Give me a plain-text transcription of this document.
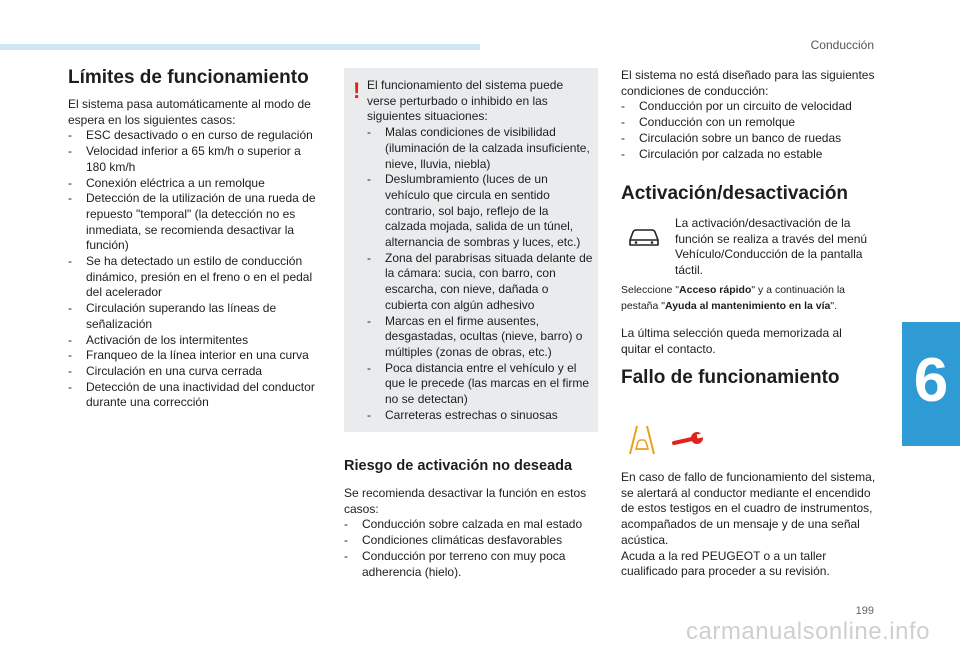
Conducción
6
199
carmanualsonline.info
Límites de funcionamiento

El sistema pasa automáticamente al modo de espera en los siguientes casos:

- ESC desactivado o en curso de regulación
- Velocidad inferior a 65 km/h o superior a 180 km/h
- Conexión eléctrica a un remolque
- Detección de la utilización de una rueda de repuesto "temporal" (la detección no es inmediata, se recomienda desactivar la función)
- Se ha detectado un estilo de conducción dinámico, presión en el freno o en el pedal del acelerador
- Circulación superando las líneas de señalización
- Activación de los intermitentes
- Franqueo de la línea interior en una curva
- Circulación en una curva cerrada
- Detección de una inactividad del conductor durante una corrección
! El funcionamiento del sistema puede verse perturbado o inhibido en las siguientes situaciones:

- Malas condiciones de visibilidad (iluminación de la calzada insuficiente, nieve, lluvia, niebla)
- Deslumbramiento (luces de un vehículo que circula en sentido contrario, sol bajo, reflejo de la calzada mojada, salida de un túnel, alternancia de sombras y luces, etc.)
- Zona del parabrisas situada delante de la cámara: sucia, con barro, con escarcha, con nieve, dañada o cubierta con algún adhesivo
- Marcas en el firme ausentes, desgastadas, ocultas (nieve, barro) o múltiples (zonas de obras, etc.)
- Poca distancia entre el vehículo y el que le precede (las marcas en el firme no se detectan)
- Carreteras estrechas o sinuosas
Riesgo de activación no deseada

Se recomienda desactivar la función en estos casos:

- Conducción sobre calzada en mal estado
- Condiciones climáticas desfavorables
- Conducción por terreno con muy poca adherencia (hielo).

El sistema no está diseñado para las siguientes condiciones de conducción:

- Conducción por un circuito de velocidad
- Conducción con un remolque
- Circulación sobre un banco de ruedas
- Circulación por calzada no estable
Activación/desactivación

La activación/desactivación de la función se realiza a través del menú Vehículo/Conducción de la pantalla táctil.

Seleccione "Acceso rápido" y a continuación la pestaña "Ayuda al mantenimiento en la vía".

La última selección queda memorizada al quitar el contacto.

Fallo de funcionamiento

En caso de fallo de funcionamiento del sistema, se alertará al conductor mediante el encendido de estos testigos en el cuadro de instrumentos, acompañados de un mensaje y de una señal acústica.

Acuda a la red PEUGEOT o a un taller cualificado para proceder a su revisión.
